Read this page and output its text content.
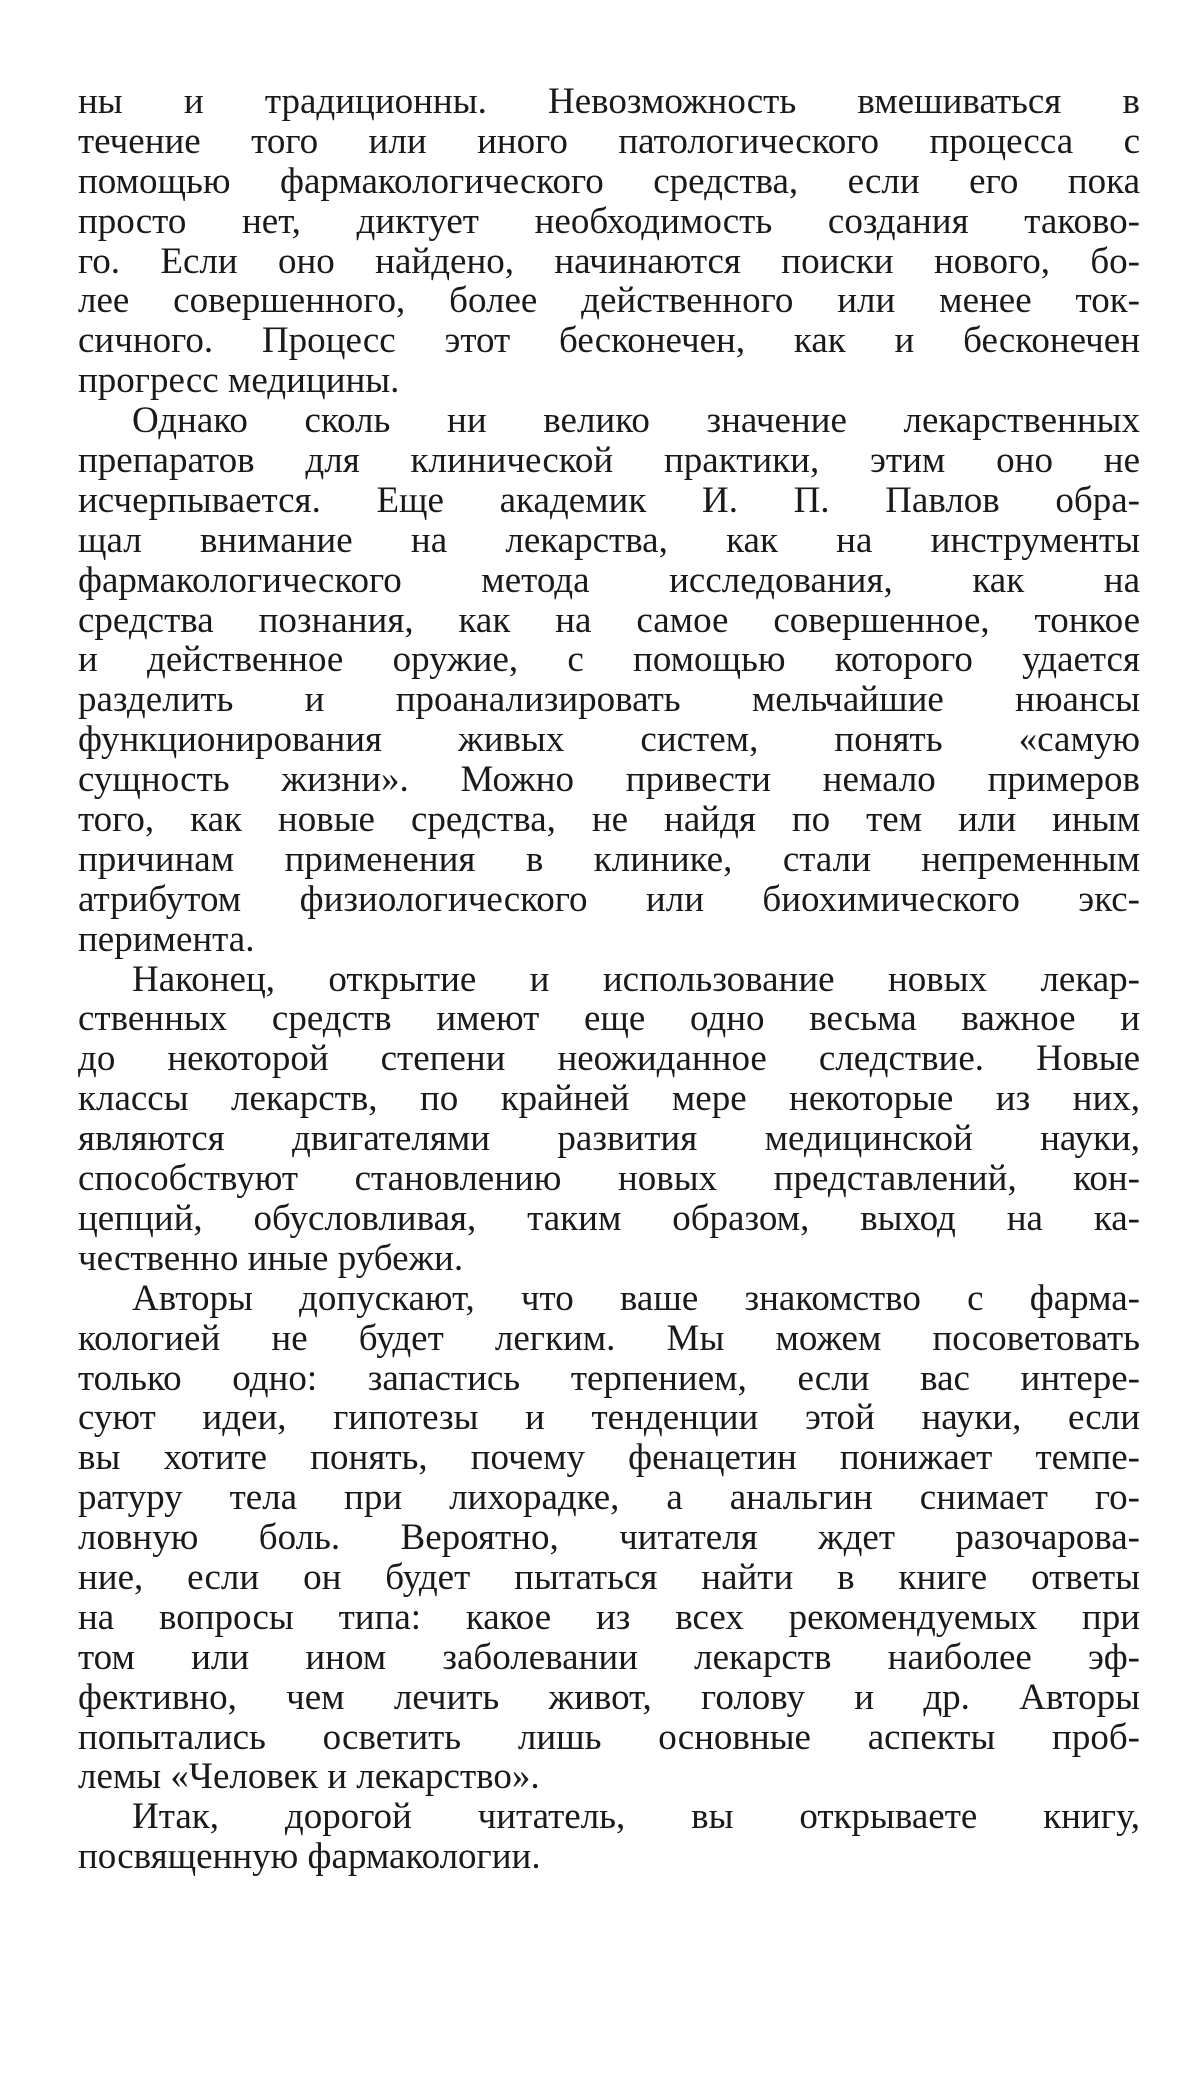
ны и традиционны. Невозможность вмешиваться в
течение того или иного патологического процесса с
помощью фармакологического средства, если его пока
просто нет, диктует необходимость создания таково-
го. Если оно найдено, начинаются поиски нового, бо-
лее совершенного, более действенного или менее ток-
сичного. Процесс этот бесконечен, как и бесконечен
прогресс медицины.
Однако сколь ни велико значение лекарственных
препаратов для клинической практики, этим оно не
исчерпывается. Еще академик И. П. Павлов обра-
щал внимание на лекарства, как на инструменты
фармакологического метода исследования, как на
средства познания, как на самое совершенное, тонкое
и действенное оружие, с помощью которого удается
разделить и проанализировать мельчайшие нюансы
функционирования живых систем, понять «самую
сущность жизни». Можно привести немало примеров
того, как новые средства, не найдя по тем или иным
причинам применения в клинике, стали непременным
атрибутом физиологического или биохимического экс-
перимента.
Наконец, открытие и использование новых лекар-
ственных средств имеют еще одно весьма важное и
до некоторой степени неожиданное следствие. Новые
классы лекарств, по крайней мере некоторые из них,
являются двигателями развития медицинской науки,
способствуют становлению новых представлений, кон-
цепций, обусловливая, таким образом, выход на ка-
чественно иные рубежи.
Авторы допускают, что ваше знакомство с фарма-
кологией не будет легким. Мы можем посоветовать
только одно: запастись терпением, если вас интере-
суют идеи, гипотезы и тенденции этой науки, если
вы хотите понять, почему фенацетин понижает темпе-
ратуру тела при лихорадке, а анальгин снимает го-
ловную боль. Вероятно, читателя ждет разочарова-
ние, если он будет пытаться найти в книге ответы
на вопросы типа: какое из всех рекомендуемых при
том или ином заболевании лекарств наиболее эф-
фективно, чем лечить живот, голову и др. Авторы
попытались осветить лишь основные аспекты проб-
лемы «Человек и лекарство».
Итак, дорогой читатель, вы открываете книгу,
посвященную фармакологии.
